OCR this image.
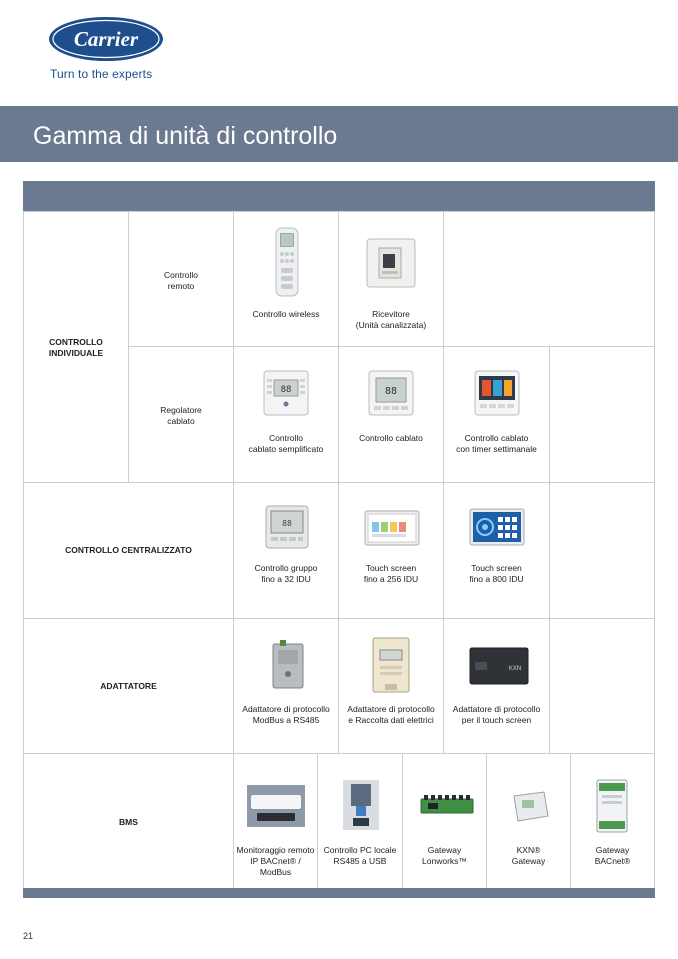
Carrier
Turn to the experts
Gamma di unità di controllo
CONTROLLO
INDIVIDUALE
Controllo
remoto
Regolatore
cablato
Controllo wireless	Ricevitore
(Unità canalizzata)
88
Controllo
cablato semplificato
88
Controllo cablato	Controllo cablato
con timer settimanale
CONTROLLO CENTRALIZZATO
88
Controllo gruppo
fino a 32 IDU
Touch screen
fino a 256 IDU
Touch screen
fino a 800 IDU
ADATTATORE
Adattatore di protocollo
ModBus a RS485
Adattatore di protocollo
e Raccolta dati elettrici
KXN
Adattatore di protocollo
per il touch screen
BMS
Monitoraggio remoto
IP BACnet® /
ModBus
Controllo PC locale
RS485 a USB
Gateway
Lonworks™
KXN®
Gateway
Gateway
BACnet®
21
